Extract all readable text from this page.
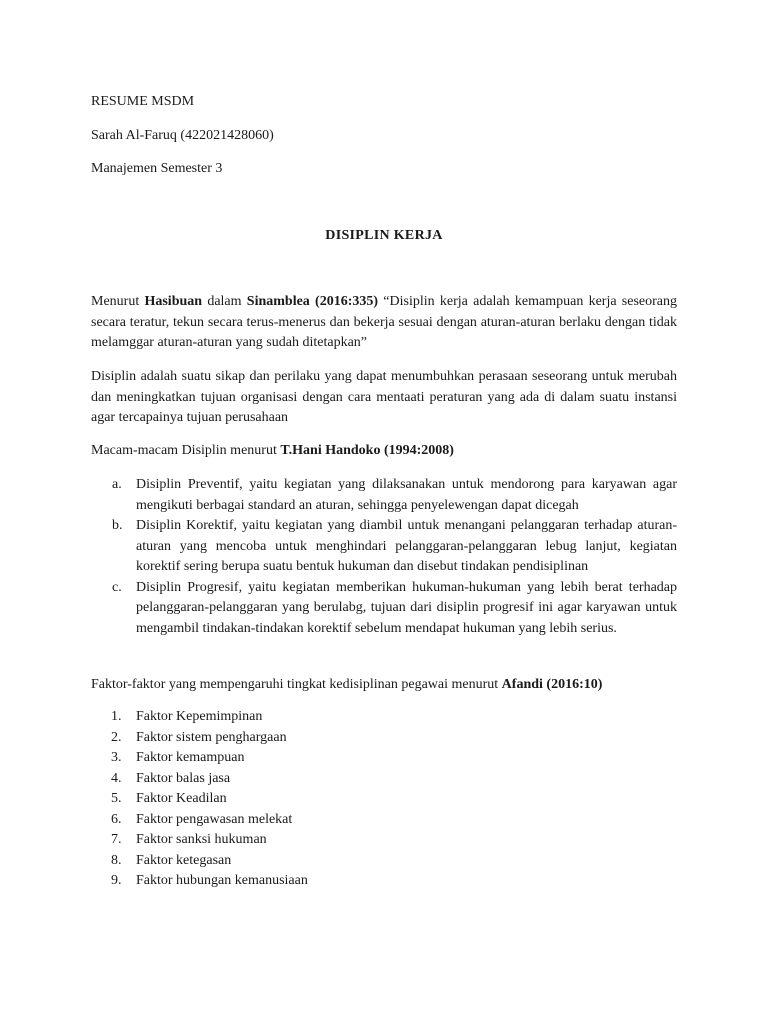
RESUME MSDM

Sarah Al-Faruq (422021428060)

Manajemen Semester 3

DISIPLIN KERJA

Menurut Hasibuan dalam Sinamblea (2016:335) “Disiplin kerja adalah kemampuan kerja seseorang secara teratur, tekun secara terus-menerus dan bekerja sesuai dengan aturan-aturan berlaku dengan tidak melamggar aturan-aturan yang sudah ditetapkan”

Disiplin adalah suatu sikap dan perilaku yang dapat menumbuhkan perasaan seseorang untuk merubah dan meningkatkan tujuan organisasi dengan cara mentaati peraturan yang ada di dalam suatu instansi agar tercapainya tujuan perusahaan

Macam-macam Disiplin menurut T.Hani Handoko (1994:2008)

a. Disiplin Preventif, yaitu kegiatan yang dilaksanakan untuk mendorong para karyawan agar mengikuti berbagai standard an aturan, sehingga penyelewengan dapat dicegah
b. Disiplin Korektif, yaitu kegiatan yang diambil untuk menangani pelanggaran terhadap aturan-aturan yang mencoba untuk menghindari pelanggaran-pelanggaran lebug lanjut, kegiatan korektif sering berupa suatu bentuk hukuman dan disebut tindakan pendisiplinan
c. Disiplin Progresif, yaitu kegiatan memberikan hukuman-hukuman yang lebih berat terhadap pelanggaran-pelanggaran yang berulabg, tujuan dari disiplin progresif ini agar karyawan untuk mengambil tindakan-tindakan korektif sebelum mendapat hukuman yang lebih serius.

Faktor-faktor yang mempengaruhi tingkat kedisiplinan pegawai menurut Afandi (2016:10)

1. Faktor Kepemimpinan
2. Faktor sistem penghargaan
3. Faktor kemampuan
4. Faktor balas jasa
5. Faktor Keadilan
6. Faktor pengawasan melekat
7. Faktor sanksi hukuman
8. Faktor ketegasan
9. Faktor hubungan kemanusiaan
